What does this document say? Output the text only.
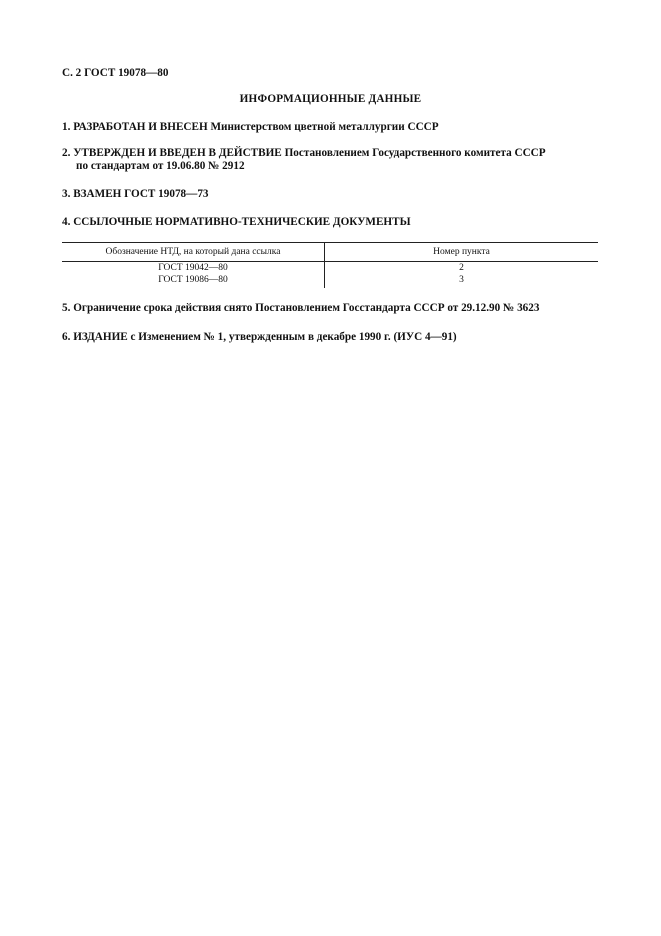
С. 2 ГОСТ 19078—80
ИНФОРМАЦИОННЫЕ ДАННЫЕ
1. РАЗРАБОТАН И ВНЕСЕН Министерством цветной металлургии СССР
2. УТВЕРЖДЕН И ВВЕДЕН В ДЕЙСТВИЕ Постановлением Государственного комитета СССР
по стандартам от 19.06.80 № 2912
3. ВЗАМЕН ГОСТ 19078—73
4. ССЫЛОЧНЫЕ НОРМАТИВНО-ТЕХНИЧЕСКИЕ ДОКУМЕНТЫ
Обозначение НТД, на который дана ссылка	Номер пункта
ГОСТ 19042—80
ГОСТ 19086—80
2
3
5. Ограничение срока действия снято Постановлением Госстандарта СССР от 29.12.90 № 3623
6. ИЗДАНИЕ с Изменением № 1, утвержденным в декабре 1990 г. (ИУС 4—91)
